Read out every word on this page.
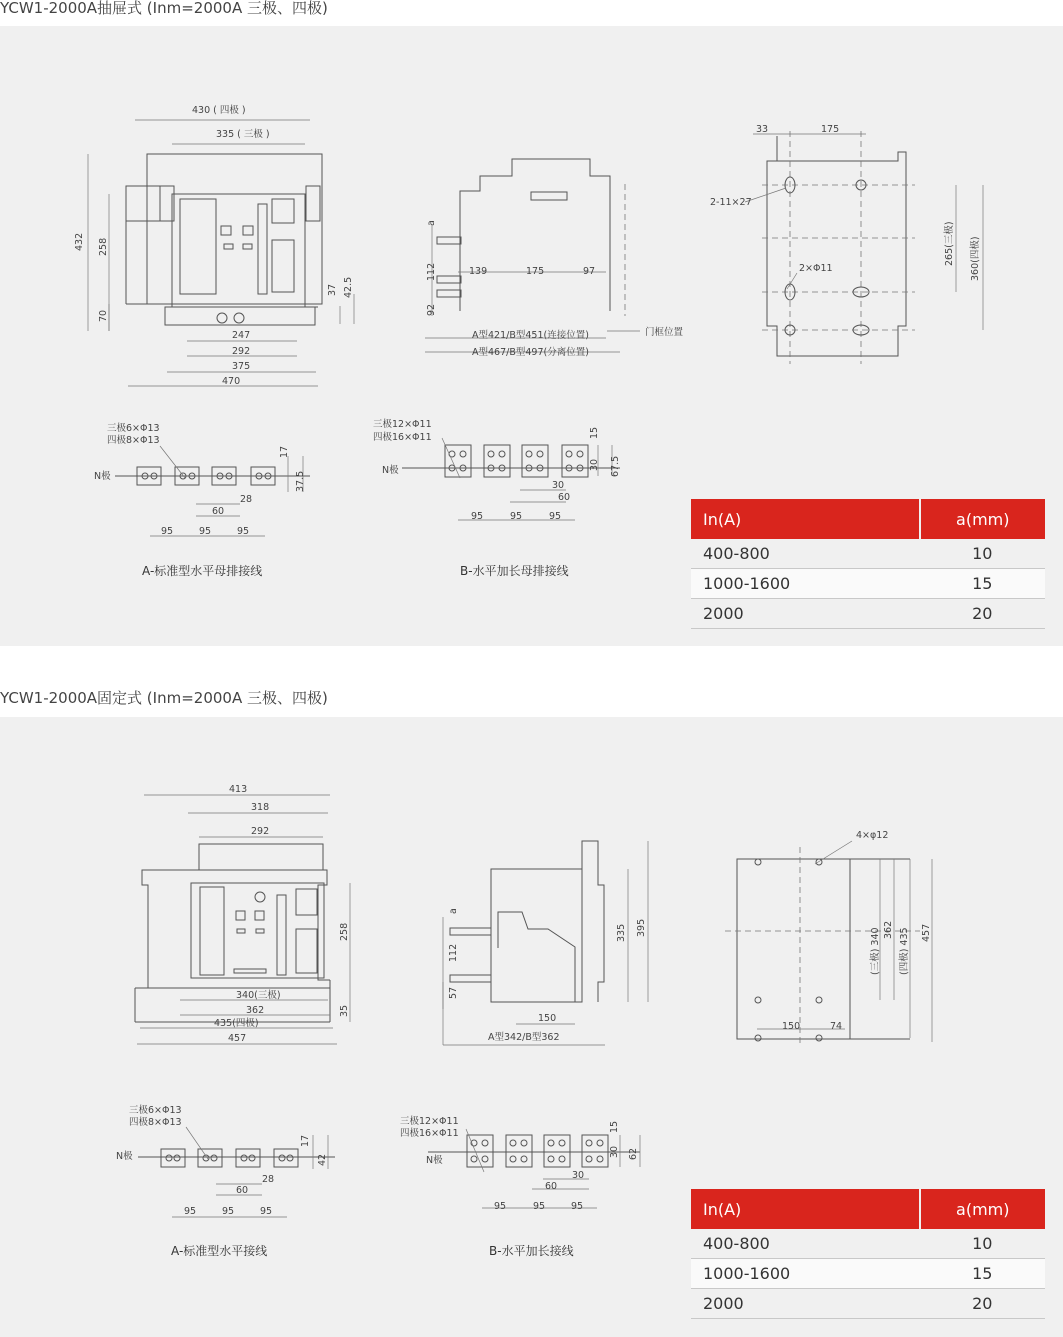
YCW1-2000A抽屉式 (Inm=2000A 三极、四极)
430 ( 四极 )
335 ( 三极 )
432 258
70
247
292
375
470
37 42.5
a
112
92
139	175	97
A型421/B型451(连接位置)
A型467/B型497(分离位置)
门框位置
33	175
2-11×27
2×Φ11
265(三极) 360(四极)
三极6×Φ13
四极8×Φ13
N极
17
37.5
28
60
95	95	95
三极12×Φ11
四极16×Φ11
N极
15
30 67.5
30
60
95	95	95
A-标准型水平母排接线	B-水平加长母排接线
In(A)	a(mm)
400-800	10
1000-1600	15
2000	20
YCW1-2000A固定式 (Inm=2000A 三极、四极)
413
318
292
258
340(三极)
362
435(四极)
457
35
a
112
57
150
335 395
A型342/B型362
4×φ12
(三极) 340 362 (四极) 435 457
150	74
三极6×Φ13
四极8×Φ13
N极
17
42
28
60
95	95	95
三极12×Φ11
四极16×Φ11
N极
15
30 62
30
60
95	95	95
A-标准型水平接线	B-水平加长接线
In(A)	a(mm)
400-800	10
1000-1600	15
2000	20
